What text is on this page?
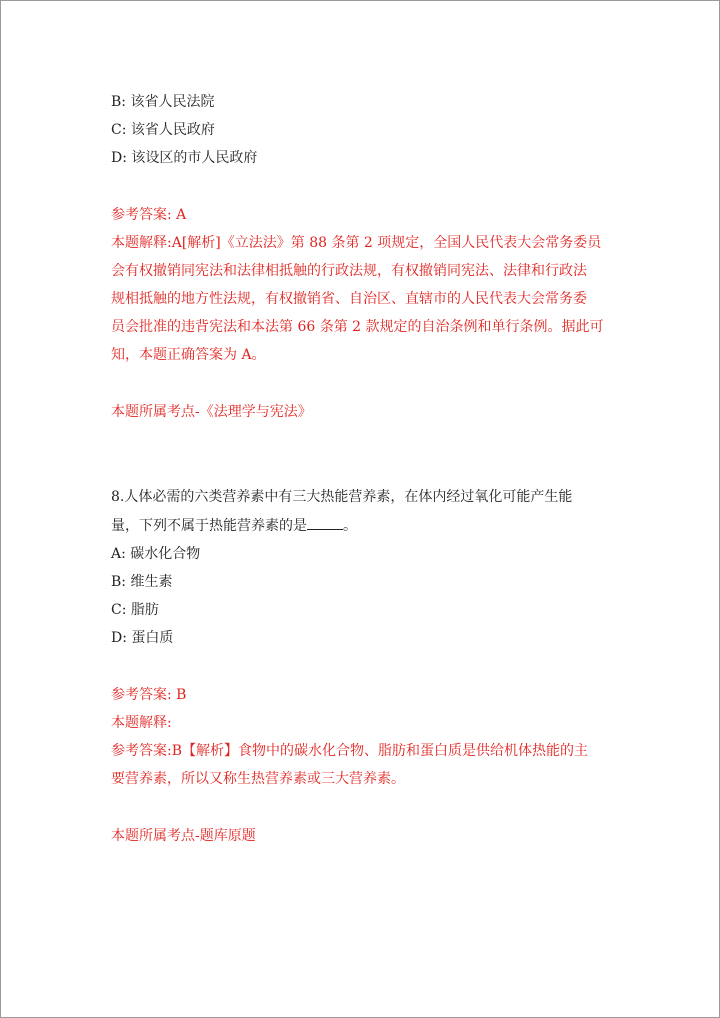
B: 该省人民法院
C: 该省人民政府
D: 该设区的市人民政府
参考答案: A
本题解释:A[解析]《立法法》第 88 条第 2 项规定，全国人民代表大会常务委员
会有权撤销同宪法和法律相抵触的行政法规，有权撤销同宪法、法律和行政法
规相抵触的地方性法规，有权撤销省、自治区、直辖市的人民代表大会常务委
员会批准的违背宪法和本法第 66 条第 2 款规定的自治条例和单行条例。据此可
知，本题正确答案为 A。
本题所属考点-《法理学与宪法》
8.人体必需的六类营养素中有三大热能营养素，在体内经过氧化可能产生能
量，下列不属于热能营养素的是	。
A: 碳水化合物
B: 维生素
C: 脂肪
D: 蛋白质
参考答案: B
本题解释:
参考答案:B【解析】食物中的碳水化合物、脂肪和蛋白质是供给机体热能的主
要营养素，所以又称生热营养素或三大营养素。
本题所属考点-题库原题
